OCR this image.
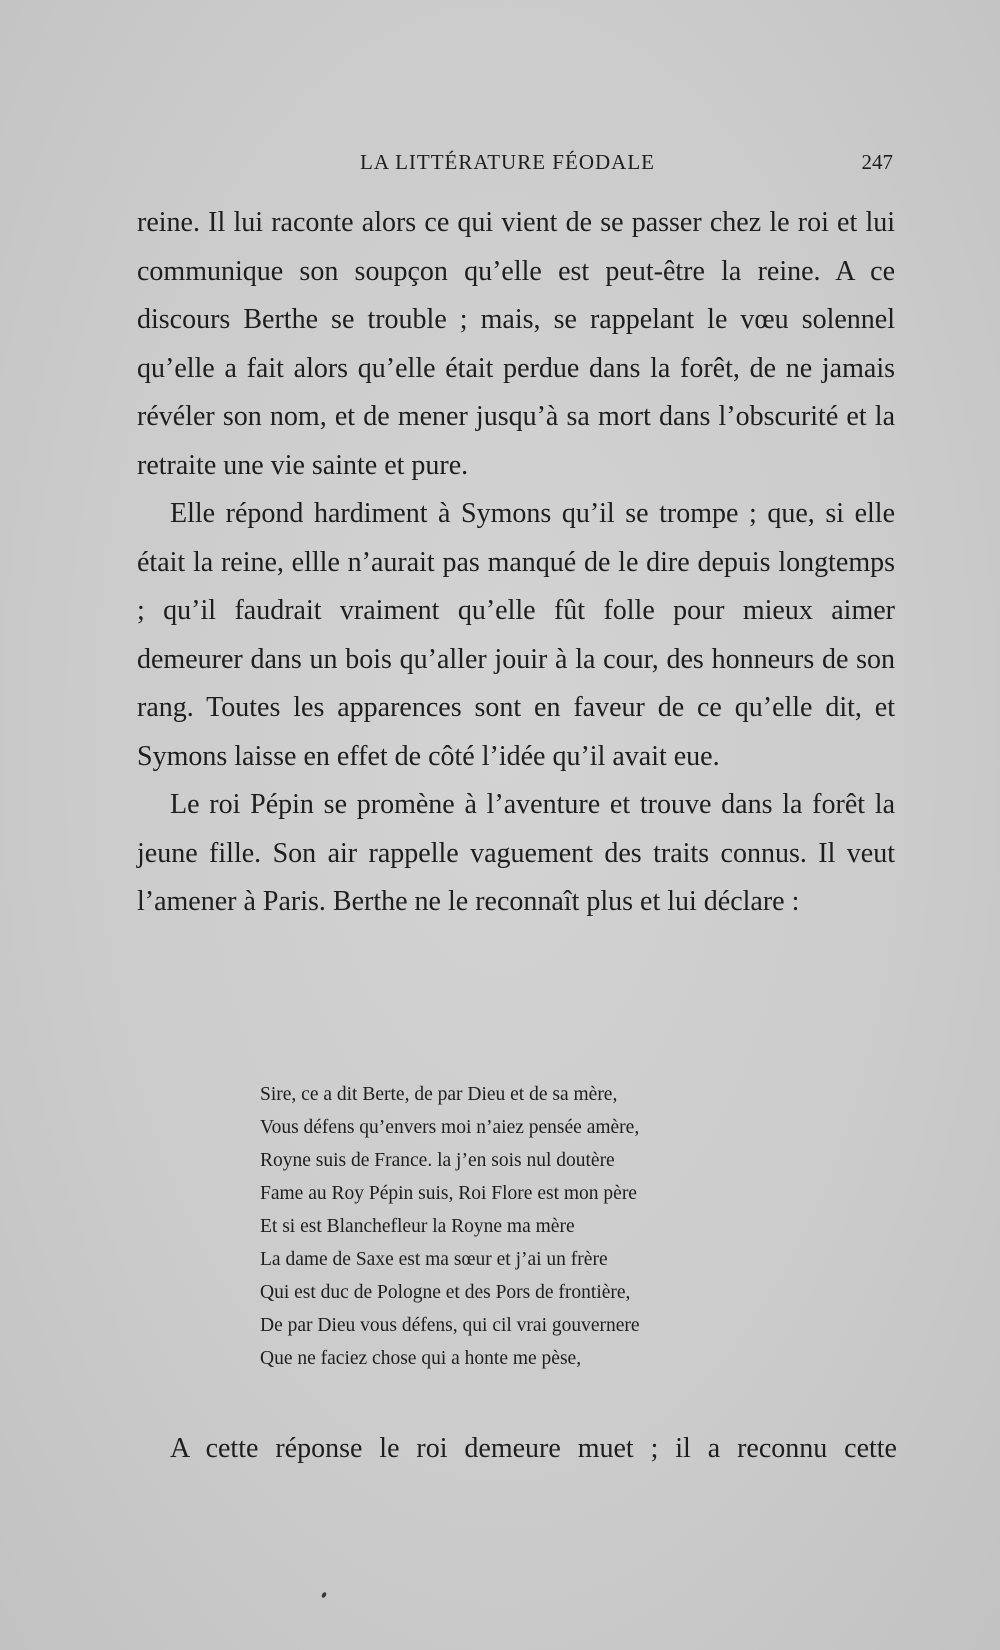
LA LITTÉRATURE FÉODALE	247

reine. Il lui raconte alors ce qui vient de se passer chez le roi et lui communique son soupçon qu’elle est peut-être la reine. A ce discours Berthe se trouble ; mais, se rappelant le vœu solennel qu’elle a fait alors qu’elle était perdue dans la forêt, de ne jamais révéler son nom, et de mener jusqu’à sa mort dans l’obscurité et la retraite une vie sainte et pure.

Elle répond hardiment à Symons qu’il se trompe ; que, si elle était la reine, ellle n’aurait pas manqué de le dire depuis longtemps ; qu’il faudrait vraiment qu’elle fût folle pour mieux aimer demeurer dans un bois qu’aller jouir à la cour, des honneurs de son rang. Toutes les apparences sont en faveur de ce qu’elle dit, et Symons laisse en effet de côté l’idée qu’il avait eue.

Le roi Pépin se promène à l’aventure et trouve dans la forêt la jeune fille. Son air rappelle vaguement des traits connus. Il veut l’amener à Paris. Berthe ne le reconnaît plus et lui déclare :

Sire, ce a dit Berte, de par Dieu et de sa mère,
Vous défens qu’envers moi n’aiez pensée amère,
Royne suis de France. la j’en sois nul doutère
Fame au Roy Pépin suis, Roi Flore est mon père
Et si est Blanchefleur la Royne ma mère
La dame de Saxe est ma sœur et j’ai un frère
Qui est duc de Pologne et des Pors de frontière,
De par Dieu vous défens, qui cil vrai gouvernere
Que ne faciez chose qui a honte me pèse,
A cette réponse le roi demeure muet ; il a reconnu cette
